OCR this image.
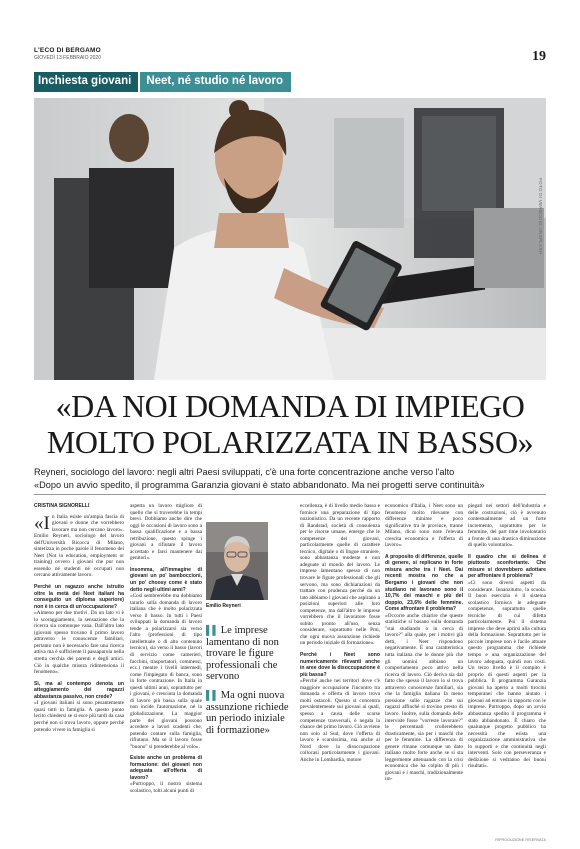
L'ECO DI BERGAMO
GIOVEDÌ 13 FEBBRAIO 2020	19
Inchiesta giovani	Neet, né studio né lavoro
FOTO DI VERBODIG UNSPLASH
«DA NOI DOMANDA DI IMPIEGO
MOLTO POLARIZZATA IN BASSO»
Reyneri, sociologo del lavoro: negli altri Paesi sviluppati, c'è una forte concentrazione anche verso l'alto
«Dopo un avvio spedito, il programma Garanzia giovani è stato abbandonato. Ma nei progetti serve continuità»
CRISTINA SIGNORELLI

«In Italia esiste un'ampia fascia di giovani e donne che vorrebbero lavorare ma non cercano lavoro». Emilio Reyneri, sociologo del lavoro dell'Università Bicocca di Milano, sintetizza in poche parole il fenomeno dei Neet (Not in education, employment or training) ovvero i giovani che pur non essendo né studenti né occupati non cercano attivamente lavoro.

Perché un ragazzo anche istruito oltre la metà dei Neet italiani ha conseguito un diploma superiore) non è in cerca di un'occupazione?

«Almeno per due motivi. Da un lato vi è lo scoraggiamento, la sensazione che la ricerca sia comunque vana. Dall'altro lato (giovani spesso trovano il primo lavoro attraverso le conoscenze familiari, pertanto non è necessario fare una ricerca attiva ma è sufficiente il passaparola nella stretta cerchia dei parenti e degli amici. Ciò in qualche misura ridimensiona il fenomeno».

Sì, ma al contempo denota un atteggiamento dei ragazzi abbastanza passivo, non crede?

«I giovani italiani si sono pesantemente quasi tutti in famiglia. A questo punto lecito chiedersi se si esce più tardi da casa perché non si trova lavoro, oppure perché potendo vivere in famiglia si

aspetta un lavoro migliore di quello che si troverebbe in tempi brevi. Dobbiamo anche dire che oggi le occasioni di lavoro sono a bassa qualificazione e a bassa retribuzione, questo spinge i giovani a rifiutare il lavoro accettato e farsi mantenere dai genitori».

Insomma, all'immagine di giovani un po' bamboccioni, un po' choosy come è stato detto negli ultimi anni?

«Così sembrerebbe ma dobbiamo tararlo sulla domanda di lavoro italiana che è molto polarizzata verso il basso. In tutti i Paesi sviluppati la domanda di lavoro tende a polarizzarsi sia verso l'alto (professioni di tipo intellettuale o di alto contenuto tecnico), sia verso il basso (lavori di servizio come camerieri, facchini, trasportatori, commessi, ecc.) mentre i livelli intermedi, come l'impiegato di banca, sono in forte contrazione. In Italia in questi ultimi anni, soprattutto per i giovani, è cresciuta la domanda di lavoro più bassa sulla quale non incide l'automazione, né la globalizzazione. La maggior parte dei giovani possono accedere a lavori scadenti che, potendo contare sulla famiglia, rifiutano. Ma se il lavoro fosse "buono" si prenderebbe al volo».

Esiste anche un problema di formazione: dei giovani non adeguata all'offerta di lavoro?

«Purtroppo, il nostro sistema scolastico, tolti alcuni punti di

Emilio Reyneri
▌▌ Le imprese lamentano di non trovare le figure professionali che servono
▌▌ Ma ogni nuova assunzione richiede un periodo iniziale di formazione»

eccellenza, è di livello medio basso e fornisce una preparazione di tipo nozionistico. Da un recente rapporto di Randstad, società di consulenza per le risorse umane, emerge che le competenze dei giovani, particolarmente quelle di carattere tecnico, digitale o di lingue straniere, sono abbastanza modeste e non adeguate al mondo del lavoro. Le imprese lamentano spesso di non trovare le figure professionali che gli servono, ma sono dichiarazioni da trattare con prudenza perché da un lato abbiamo i giovani che aspirano a posizioni superiori alle loro competenze, ma dall'altro le imprese vorrebbero che il lavoratore fosse subito pronto all'uso, senza considerare, soprattutto nelle Pmi, che ogni nuova assunzione richiede un periodo iniziale di formazione».

Perché i Neet sono numericamente rilevanti anche in aree dove la disoccupazione è più bassa?

«Perché anche nei territori dove c'è maggiore occupazione l'incontro tra domanda e offerta di lavoro trova molti ostacoli. Questo si concentra prevalentemente sui giovani ai quali, spesso a causa delle scarse competenze trasversali, è negata la chance del primo lavoro. Ciò avviene non solo al Sud, dove l'offerta di lavoro è scarsissima, ma anche al Nord dove la disoccupazione collocasi particolarmente i giovani. Anche in Lombardia, motore

economico d'Italia, i Neet sono un fenomeno molto rilevante con differenze minime e poco significative tra le province, tranne Milano, dicui sono note l'elevata crescita economica e l'offerta di lavoro».

A proposito di differenze, quelle di genere, si replicano in forte misura anche tra i Neet. Dai recenti mostra no che a Bergamo i giovani che non studiano né lavorano sono il 10,7% dei maschi e più del doppio, 23,6% delle femmine. Come affrontare il problema?

«Occorre anche chiarire che queste statistiche si basano sulla domanda "stai studiando o in cerca di lavoro?" alla quale, per i motivi già detti, i Neet rispondono negativamente. È una caratteristica tutta italiana che le donne più che gli uomini abbiano un comportamento poco attivo nella ricerca di lavoro. Ciò deriva sia dal fatto che spesso il lavoro lo si trova attraverso conoscenze familiari, sia che la famiglia italiana fa meno pressione sulle ragazze che sui ragazzi affinché si trovino presto di lavoro. Inoltre, sulla domanda delle interviste fosse "vorreste lavorare?" le percentuali crollerebbero drasticamente, sia per i maschi che per le femmine. La differenza di genere rimane comunque un dato italiano molto forte anche se si sta leggermente attenuando con la crisi economica che ha colpito di più i giovani e i maschi, tradizionalmente im-

piegati nei settori dell'industria e delle costruzioni, ciò è avvenuto contestualmente ad un forte incremento, soprattutto per le femmine, del part time involontario a fronte di una drastica diminuzione di quello volontario».

Il quadro che si delinea è piuttosto sconfortante. Che misure si dovrebbero adottare per affrontare il problema?

«Ci sono diversi aspetti da considerare. Innanzitutto, la scuola. Il buon esercizio è il sistema scolastico fornisca le adeguate competenze, soprattutto quelle tecniche di cui difetta particolarmente. Poi il sistema imprese che deve aprirsi alla cultura della formazione. Soprattutto per le piccole imprese non è facile attuare questo programma che richiede tempo e una organizzazione del lavoro adeguata, quindi non costi. Un terzo livello è il compito è proprio di questi aspetti per la pubblica. Il programma Garanzia giovani ha aperto a molti tirocini temporanei che hanno aiutato i giovani ad entrare in rapporto con le imprese. Purtroppo, dopo un avvio abbastanza spedito il programma è stato abbandonato. È chiaro che qualunque progetto pubblico ha necessità che esista una organizzazione amministrativa che lo supporti e che continuità negli interventi. Solo con perseveranza e dedizione si vedranno dei buoni risultati».

RIPRODUZIONE RISERVATA
